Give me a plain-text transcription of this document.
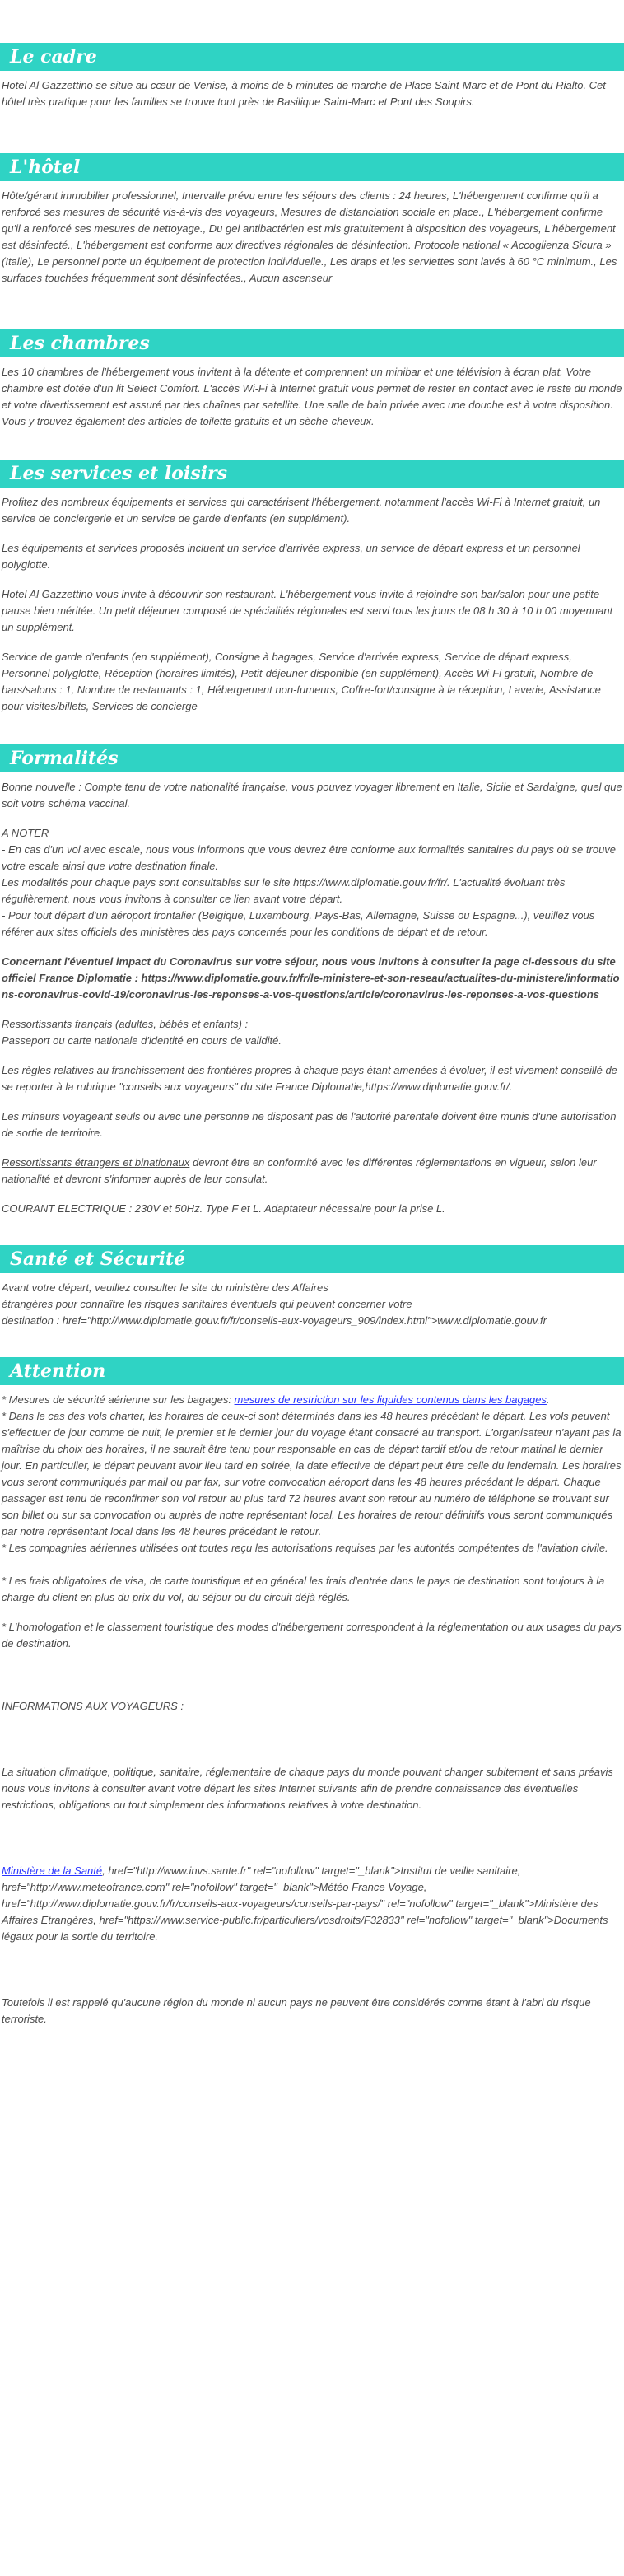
Le cadre

Hotel Al Gazzettino se situe au cœur de Venise, à moins de 5 minutes de marche de Place Saint-Marc et de Pont du Rialto. Cet hôtel très pratique pour les familles se trouve tout près de Basilique Saint-Marc et Pont des Soupirs.

L'hôtel

Hôte/gérant immobilier professionnel, Intervalle prévu entre les séjours des clients : 24 heures, L'hébergement confirme qu'il a renforcé ses mesures de sécurité vis-à-vis des voyageurs, Mesures de distanciation sociale en place., L'hébergement confirme qu'il a renforcé ses mesures de nettoyage., Du gel antibactérien est mis gratuitement à disposition des voyageurs, L'hébergement est désinfecté., L'hébergement est conforme aux directives régionales de désinfection. Protocole national « Accoglienza Sicura » (Italie), Le personnel porte un équipement de protection individuelle., Les draps et les serviettes sont lavés à 60 °C minimum., Les surfaces touchées fréquemment sont désinfectées., Aucun ascenseur

Les chambres

Les 10 chambres de l'hébergement vous invitent à la détente et comprennent un minibar et une télévision à écran plat. Votre chambre est dotée d'un lit Select Comfort. L'accès Wi-Fi à Internet gratuit vous permet de rester en contact avec le reste du monde et votre divertissement est assuré par des chaînes par satellite. Une salle de bain privée avec une douche est à votre disposition. Vous y trouvez également des articles de toilette gratuits et un sèche-cheveux.

Les services et loisirs

Profitez des nombreux équipements et services qui caractérisent l'hébergement, notamment l'accès Wi-Fi à Internet gratuit, un service de conciergerie et un service de garde d'enfants (en supplément).

Les équipements et services proposés incluent un service d'arrivée express, un service de départ express et un personnel polyglotte.

Hotel Al Gazzettino vous invite à découvrir son restaurant. L'hébergement vous invite à rejoindre son bar/salon pour une petite pause bien méritée. Un petit déjeuner composé de spécialités régionales est servi tous les jours de 08 h 30 à 10 h 00 moyennant un supplément.

Service de garde d'enfants (en supplément), Consigne à bagages, Service d'arrivée express, Service de départ express, Personnel polyglotte, Réception (horaires limités), Petit-déjeuner disponible (en supplément), Accès Wi-Fi gratuit, Nombre de bars/salons : 1, Nombre de restaurants : 1, Hébergement non-fumeurs, Coffre-fort/consigne à la réception, Laverie, Assistance pour visites/billets, Services de concierge

Formalités

Bonne nouvelle : Compte tenu de votre nationalité française, vous pouvez voyager librement en Italie, Sicile et Sardaigne, quel que soit votre schéma vaccinal.

A NOTER
- En cas d'un vol avec escale, nous vous informons que vous devrez être conforme aux formalités sanitaires du pays où se trouve votre escale ainsi que votre destination finale.
Les modalités pour chaque pays sont consultables sur le site https://www.diplomatie.gouv.fr/fr/. L'actualité évoluant très régulièrement, nous vous invitons à consulter ce lien avant votre départ.
- Pour tout départ d'un aéroport frontalier (Belgique, Luxembourg, Pays-Bas, Allemagne, Suisse ou Espagne...), veuillez vous référer aux sites officiels des ministères des pays concernés pour les conditions de départ et de retour.

Concernant l'éventuel impact du Coronavirus sur votre séjour, nous vous invitons à consulter la page ci-dessous du site officiel France Diplomatie : https://www.diplomatie.gouv.fr/fr/le-ministere-et-son-reseau/actualites-du-ministere/informations-coronavirus-covid-19/coronavirus-les-reponses-a-vos-questions/article/coronavirus-les-reponses-a-vos-questions

Ressortissants français (adultes, bébés et enfants) :
Passeport ou carte nationale d'identité en cours de validité.

Les règles relatives au franchissement des frontières propres à chaque pays étant amenées à évoluer, il est vivement conseillé de se reporter à la rubrique "conseils aux voyageurs" du site France Diplomatie,https://www.diplomatie.gouv.fr/.

Les mineurs voyageant seuls ou avec une personne ne disposant pas de l'autorité parentale doivent être munis d'une autorisation de sortie de territoire.

Ressortissants étrangers et binationaux devront être en conformité avec les différentes réglementations en vigueur, selon leur nationalité et devront s'informer auprès de leur consulat.

COURANT ELECTRIQUE : 230V et 50Hz. Type F et L. Adaptateur nécessaire pour la prise L.

Santé et Sécurité

Avant votre départ, veuillez consulter le site du ministère des Affaires
étrangères pour connaître les risques sanitaires éventuels qui peuvent concerner votre
destination : href="http://www.diplomatie.gouv.fr/fr/conseils-aux-voyageurs_909/index.html">www.diplomatie.gouv.fr

Attention

* Mesures de sécurité aérienne sur les bagages: mesures de restriction sur les liquides contenus dans les bagages.
* Dans le cas des vols charter, les horaires de ceux-ci sont déterminés dans les 48 heures précédant le départ. Les vols peuvent s'effectuer de jour comme de nuit, le premier et le dernier jour du voyage étant consacré au transport. L'organisateur n'ayant pas la maîtrise du choix des horaires, il ne saurait être tenu pour responsable en cas de départ tardif et/ou de retour matinal le dernier jour. En particulier, le départ peuvant avoir lieu tard en soirée, la date effective de départ peut être celle du lendemain. Les horaires vous seront communiqués par mail ou par fax, sur votre convocation aéroport dans les 48 heures précédant le départ. Chaque passager est tenu de reconfirmer son vol retour au plus tard 72 heures avant son retour au numéro de téléphone se trouvant sur son billet ou sur sa convocation ou auprès de notre représentant local. Les horaires de retour définitifs vous seront communiqués par notre représentant local dans les 48 heures précédant le retour.
* Les compagnies aériennes utilisées ont toutes reçu les autorisations requises par les autorités compétentes de l'aviation civile.

* Les frais obligatoires de visa, de carte touristique et en général les frais d'entrée dans le pays de destination sont toujours à la charge du client en plus du prix du vol, du séjour ou du circuit déjà réglés.

* L'homologation et le classement touristique des modes d'hébergement correspondent à la réglementation ou aux usages du pays de destination.

INFORMATIONS AUX VOYAGEURS :

La situation climatique, politique, sanitaire, réglementaire de chaque pays du monde pouvant changer subitement et sans préavis
nous vous invitons à consulter avant votre départ les sites Internet suivants afin de prendre connaissance des éventuelles restrictions, obligations ou tout simplement des informations relatives à votre destination.

Ministère de la Santé, href="http://www.invs.sante.fr" rel="nofollow" target="_blank">Institut de veille sanitaire, href="http://www.meteofrance.com" rel="nofollow" target="_blank">Météo France Voyage, href="http://www.diplomatie.gouv.fr/fr/conseils-aux-voyageurs/conseils-par-pays/" rel="nofollow" target="_blank">Ministère des Affaires Etrangères, href="https://www.service-public.fr/particuliers/vosdroits/F32833" rel="nofollow" target="_blank">Documents légaux pour la sortie du territoire.

Toutefois il est rappelé qu'aucune région du monde ni aucun pays ne peuvent être considérés comme étant à l'abri du risque terroriste.
